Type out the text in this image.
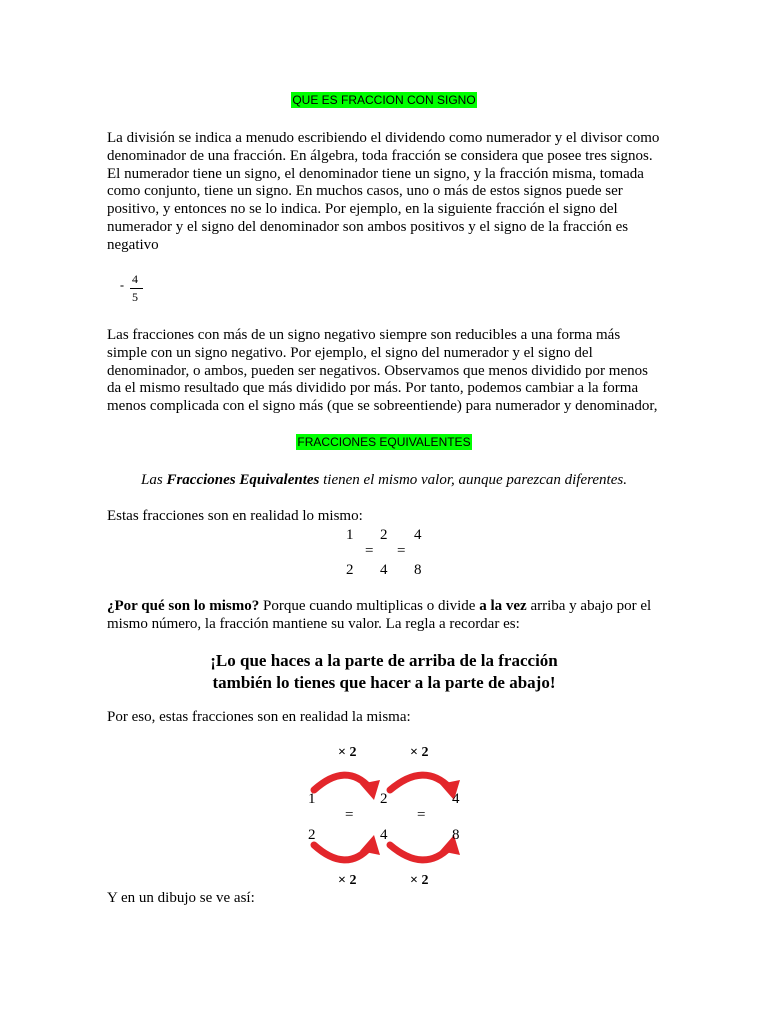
QUE ES FRACCION CON SIGNO
La división se indica a menudo escribiendo el dividendo como numerador y el divisor como
denominador de una fracción. En álgebra, toda fracción se considera que posee tres signos.
El numerador tiene un signo, el denominador tiene un signo, y la fracción misma, tomada
como conjunto, tiene un signo. En muchos casos, uno o más de estos signos puede ser
positivo, y entonces no se lo indica. Por ejemplo, en la siguiente fracción el signo del
numerador y el signo del denominador son ambos positivos y el signo de la fracción es
negativo
- 4
5
Las fracciones con más de un signo negativo siempre son reducibles a una forma más
simple con un signo negativo. Por ejemplo, el signo del numerador y el signo del
denominador, o ambos, pueden ser negativos. Observamos que menos dividido por menos
da el mismo resultado que más dividido por más. Por tanto, podemos cambiar a la forma
menos complicada con el signo más (que se sobreentiende) para numerador y denominador,
FRACCIONES EQUIVALENTES
Las Fracciones Equivalentes tienen el mismo valor, aunque parezcan diferentes.
Estas fracciones son en realidad lo mismo:
1 2 4
= =
2 4 8
¿Por qué son lo mismo? Porque cuando multiplicas o divide a la vez arriba y abajo por el
mismo número, la fracción mantiene su valor. La regla a recordar es:
¡Lo que haces a la parte de arriba de la fracción
también lo tienes que hacer a la parte de abajo!
Por eso, estas fracciones son en realidad la misma:
× 2	× 2
1	2	4
=	=
2	4	8
× 2	× 2
Y en un dibujo se ve así:
